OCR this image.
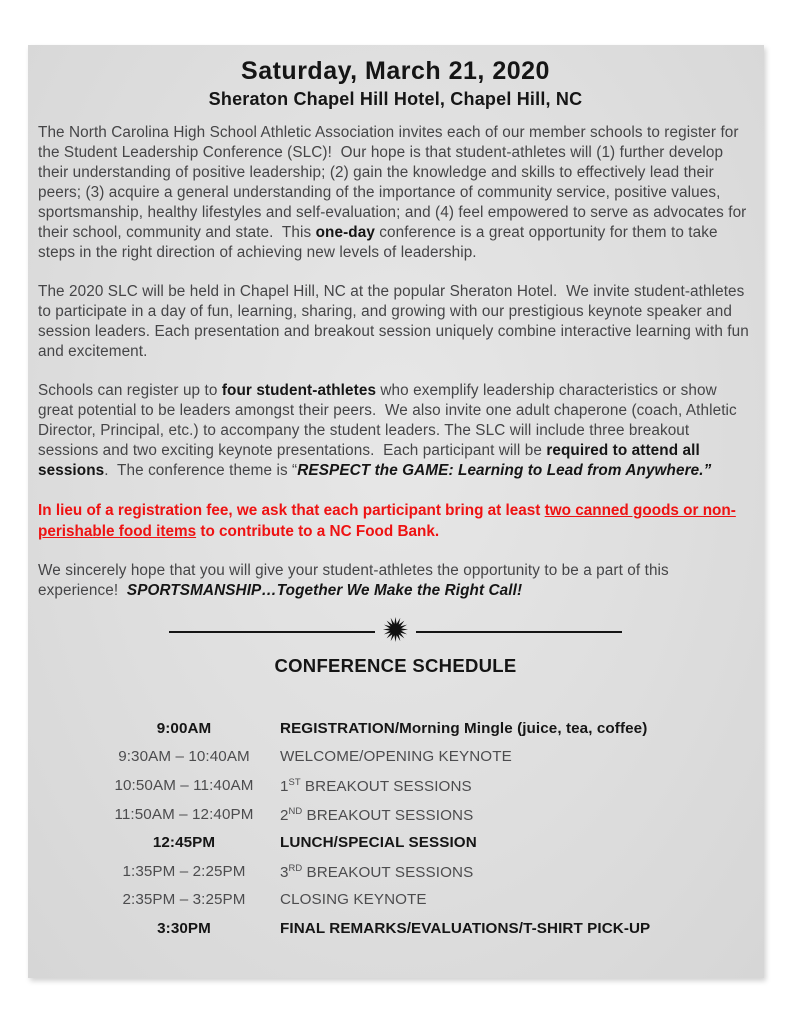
Saturday, March 21, 2020
Sheraton Chapel Hill Hotel, Chapel Hill, NC

The North Carolina High School Athletic Association invites each of our member schools to register for the Student Leadership Conference (SLC)!  Our hope is that student-athletes will (1) further develop their understanding of positive leadership; (2) gain the knowledge and skills to effectively lead their peers; (3) acquire a general understanding of the importance of community service, positive values, sportsmanship, healthy lifestyles and self-evaluation; and (4) feel empowered to serve as advocates for their school, community and state.  This one-day conference is a great opportunity for them to take steps in the right direction of achieving new levels of leadership.

The 2020 SLC will be held in Chapel Hill, NC at the popular Sheraton Hotel.  We invite student-athletes to participate in a day of fun, learning, sharing, and growing with our prestigious keynote speaker and session leaders. Each presentation and breakout session uniquely combine interactive learning with fun and excitement.

Schools can register up to four student-athletes who exemplify leadership characteristics or show great potential to be leaders amongst their peers.  We also invite one adult chaperone (coach, Athletic Director, Principal, etc.) to accompany the student leaders. The SLC will include three breakout sessions and two exciting keynote presentations.  Each participant will be required to attend all sessions.  The conference theme is “RESPECT the GAME: Learning to Lead from Anywhere.”

In lieu of a registration fee, we ask that each participant bring at least two canned goods or non-perishable food items to contribute to a NC Food Bank.

We sincerely hope that you will give your student-athletes the opportunity to be a part of this experience!  SPORTSMANSHIP…Together We Make the Right Call!

CONFERENCE SCHEDULE
9:00AM	REGISTRATION/Morning Mingle (juice, tea, coffee)
9:30AM – 10:40AM	WELCOME/OPENING KEYNOTE
10:50AM – 11:40AM	1ST BREAKOUT SESSIONS
11:50AM – 12:40PM	2ND BREAKOUT SESSIONS
12:45PM	LUNCH/SPECIAL SESSION
1:35PM – 2:25PM	3RD BREAKOUT SESSIONS
2:35PM – 3:25PM	CLOSING KEYNOTE
3:30PM	FINAL REMARKS/EVALUATIONS/T-SHIRT PICK-UP
